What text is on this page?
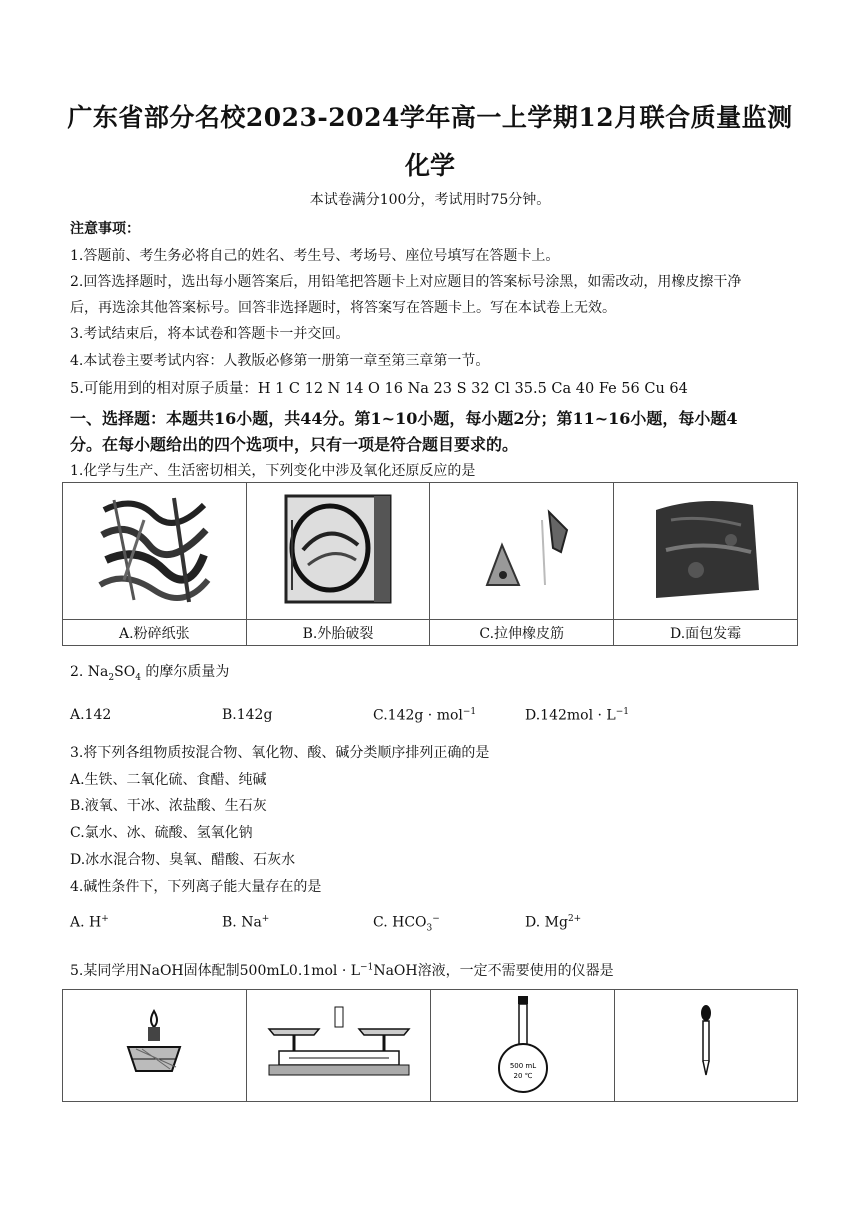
广东省部分名校2023-2024学年高一上学期12月联合质量监测
化学
本试卷满分100分，考试用时75分钟。
注意事项：
1.答题前、考生务必将自己的姓名、考生号、考场号、座位号填写在答题卡上。
2.回答选择题时，选出每小题答案后，用铅笔把答题卡上对应题目的答案标号涂黑，如需改动，用橡皮擦干净
后，再选涂其他答案标号。回答非选择题时，将答案写在答题卡上。写在本试卷上无效。
3.考试结束后，将本试卷和答题卡一并交回。
4.本试卷主要考试内容：人教版必修第一册第一章至第三章第一节。
5.可能用到的相对原子质量：H 1 C 12 N 14 O 16 Na 23 S 32 Cl 35.5 Ca 40 Fe 56 Cu 64
一、选择题：本题共16小题，共44分。第1~10小题，每小题2分；第11~16小题，每小题4
分。在每小题给出的四个选项中，只有一项是符合题目要求的。
1.化学与生产、生活密切相关，下列变化中涉及氧化还原反应的是

A.粉碎纸张	B.外胎破裂	C.拉伸橡皮筋	D.面包发霉
2. $Na_2SO_4$ 的摩尔质量为
A.142	B.142g	C.142g · mol$^{-1}$	$D.142mol \cdot L^{-1}$
3.将下列各组物质按混合物、氧化物、酸、碱分类顺序排列正确的是
A.生铁、二氧化硫、食醋、纯碱
B.液氧、干冰、浓盐酸、生石灰
C.氯水、冰、硫酸、氢氧化钠
D.冰水混合物、臭氧、醋酸、石灰水
4.碱性条件下，下列离子能大量存在的是
A. H+	B. Na+	C. $HCO_3^-$	D. $Mg^{2+}$
5.某同学用NaOH固体配制$500mL0.1mol \cdot L^{-1}NaOH$溶液，一定不需要使用的仪器是

500 mL
20 ℃
